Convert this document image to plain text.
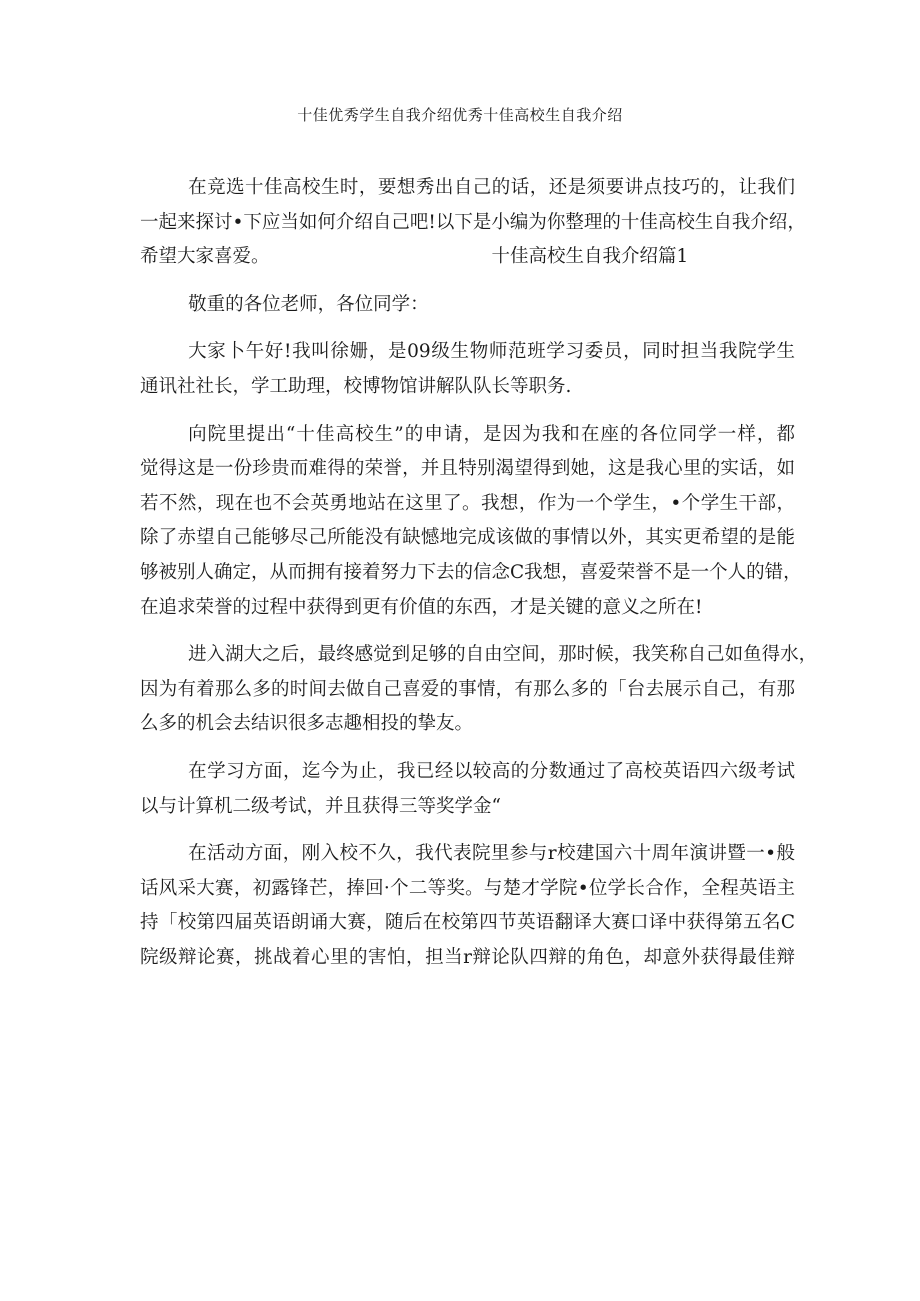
十佳优秀学生自我介绍优秀十佳高校生自我介绍

在竞选十佳高校生时，要想秀出自己的话，还是须要讲点技巧的，让我们
一起来探讨•下应当如何介绍自己吧!以下是小编为你整理的十佳高校生自我介绍，
希望大家喜爱。	十佳高校生自我介绍篇1

敬重的各位老师，各位同学：

大家卜午好!我叫徐姗，是09级生物师范班学习委员，同时担当我院学生
通讯社社长，学工助理，校博物馆讲解队队长等职务.

向院里提出“十佳高校生”的申请，是因为我和在座的各位同学一样，都
觉得这是一份珍贵而难得的荣誉，并且特别渴望得到她，这是我心里的实话，如
若不然，现在也不会英勇地站在这里了。我想，作为一个学生，•个学生干部，
除了赤望自己能够尽己所能没有缺憾地完成该做的事情以外，其实更希望的是能
够被别人确定，从而拥有接着努力下去的信念C我想，喜爱荣誉不是一个人的错，
在追求荣誉的过程中获得到更有价值的东西，才是关键的意义之所在!

进入湖大之后，最终感觉到足够的自由空间，那时候，我笑称自己如鱼得水，
因为有着那么多的时间去做自己喜爱的事情，有那么多的「台去展示自己，有那
么多的机会去结识很多志趣相投的挚友。

在学习方面，迄今为止，我已经以较高的分数通过了高校英语四六级考试
以与计算机二级考试，并且获得三等奖学金“

在活动方面，刚入校不久，我代表院里参与r校建国六十周年演讲暨一•般
话风采大赛，初露锋芒，捧回·个二等奖。与楚才学院•位学长合作，全程英语主
持「校第四届英语朗诵大赛，随后在校第四节英语翻译大赛口译中获得第五名C
院级辩论赛，挑战着心里的害怕，担当r辩论队四辩的角色，却意外获得最佳辩
